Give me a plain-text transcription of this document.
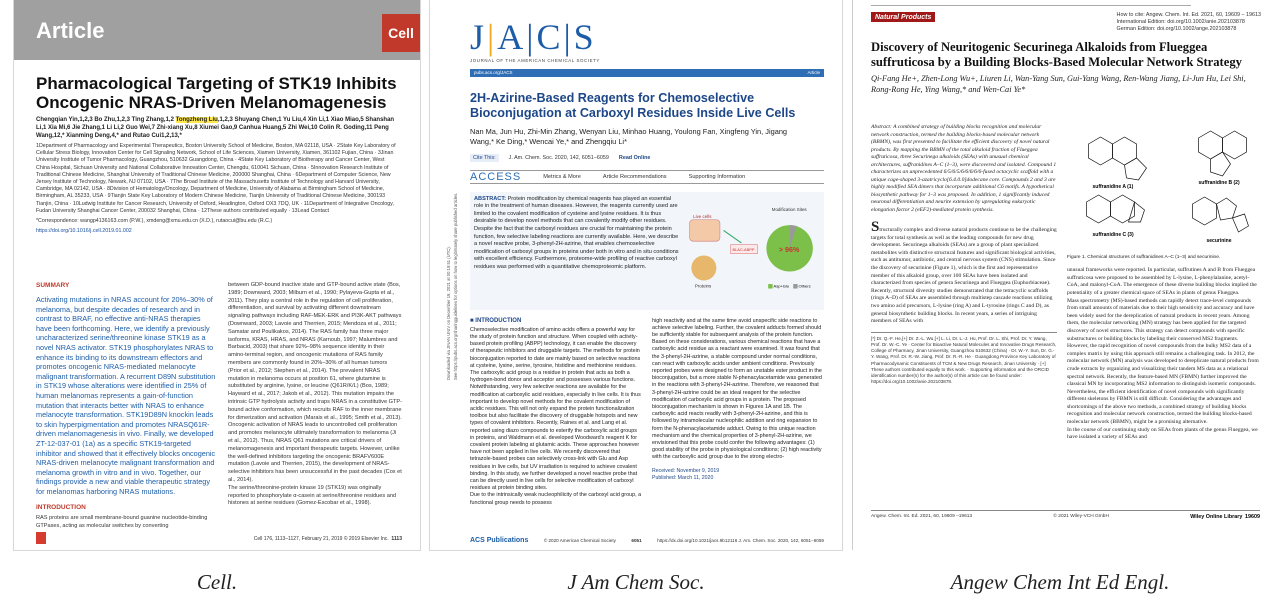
Article	Cell
Pharmacological Targeting of STK19 Inhibits Oncogenic NRAS-Driven Melanomagenesis
Chengqian Yin,1,2,3 Bo Zhu,1,2,3 Ting Zhang,1,2 Tongzheng Liu,1,2,3 Shuyang Chen,1 Yu Liu,4 Xin Li,1 Xiao Miao,5 Shanshan Li,1 Xia Mi,6 Jie Zhang,1 Li Li,2 Guo Wei,7 Zhi-xiang Xu,8 Xiumei Gao,9 Canhua Huang,5 Zhi Wei,10 Colin R. Goding,11 Peng Wang,12,* Xianming Deng,4,* and Rutao Cui1,2,13,*
1Department of Pharmacology and Experimental Therapeutics, Boston University School of Medicine, Boston, MA 02118, USA · 2State Key Laboratory of Cellular Stress Biology, Innovation Center for Cell Signaling Network, School of Life Sciences, Xiamen University, Xiamen, 361102 Fujian, China · 3Jinan University Institute of Tumor Pharmacology, Guangzhou, 510632 Guangdong, China · 4State Key Laboratory of Biotherapy and Cancer Center, West China Hospital, Sichuan University and National Collaborative Innovation Center, Chengdu, 610041 Sichuan, China · 5Innovation Research Institute of Traditional Chinese Medicine, Shanghai University of Traditional Chinese Medicine, 200000 Shanghai, China · 6Department of Computer Science, New Jersey Institute of Technology, Newark, NJ 07102, USA · 7The Broad Institute of the Massachusetts Institute of Technology and Harvard University, Cambridge, MA 02142, USA · 8Division of Hematology/Oncology, Department of Medicine, University of Alabama at Birmingham School of Medicine, Birmingham, AL 35233, USA · 9Tianjin State Key Laboratory of Modern Chinese Medicine, Tianjin University of Traditional Chinese Medicine, 300193 Tianjin, China · 10Ludwig Institute for Cancer Research, University of Oxford, Headington, Oxford OX3 7DQ, UK · 11Department of Integrative Oncology, Fudan University Shanghai Cancer Center, 200032 Shanghai, China · 12These authors contributed equally · 13Lead Contact
*Correspondence: wangp4136163.com (P.W.), xmdeng@xmu.edu.cn (X.D.), rutaocui@bu.edu (R.C.)
https://doi.org/10.1016/j.cell.2019.01.002
SUMMARY
Activating mutations in NRAS account for 20%–30% of melanoma, but despite decades of research and in contrast to BRAF, no effective anti-NRAS therapies have been forthcoming. Here, we identify a previously uncharacterized serine/threonine kinase STK19 as a novel NRAS activator. STK19 phosphorylates NRAS to enhance its binding to its downstream effectors and promotes oncogenic NRAS-mediated melanocyte malignant transformation. A recurrent D89N substitution in STK19 whose alterations were identified in 25% of human melanomas represents a gain-of-function mutation that interacts better with NRAS to enhance melanocyte transformation. STK19D89N knockin leads to skin hyperpigmentation and promotes NRASQ61R-driven melanomagenesis in vivo. Finally, we developed ZT-12-037-01 (1a) as a specific STK19-targeted inhibitor and showed that it effectively blocks oncogenic NRAS-driven melanocyte malignant transformation and melanoma growth in vitro and in vivo. Together, our findings provide a new and viable therapeutic strategy for melanomas harboring NRAS mutations.
INTRODUCTION
RAS proteins are small membrane-bound guanine nucleotide-binding GTPases, acting as molecular switches by converting
between GDP-bound inactive state and GTP-bound active state (Bos, 1989; Downward, 2003; Milburn et al., 1990; Pylayeva-Gupta et al., 2011). They play a central role in the regulation of cell proliferation, differentiation, and survival by activating different downstream signaling pathways including RAF-MEK-ERK and PI3K-AKT pathways (Downward, 2003; Lavoie and Therrien, 2015; Mendoza et al., 2011; Samatar and Poulikakos, 2014). The RAS family has three major isoforms, KRAS, HRAS, and NRAS (Karnoub, 1997; Malumbres and Barbacid, 2003) that share 92%–98% sequence identity in their amino-terminal region, and oncogenic mutations of RAS family members are commonly found in 20%–30% of all human tumors (Prior et al., 2012; Stephen et al., 2014). The prevalent NRAS mutation in melanoma occurs at position 61, where glutamine is substituted by arginine, lysine, or leucine (Q61R/K/L) (Bos, 1989; Hayward et al., 2017; Jakob et al., 2012). This mutation impairs the intrinsic GTP hydrolysis activity and traps NRAS in a constitutive GTP-bound active conformation, which recruits RAF to the inner membrane for dimerization and activation (Marais et al., 1995; Smith et al., 2013). Oncogenic activation of NRAS leads to uncontrolled cell proliferation and promotes melanocyte ultimately transformation to melanoma (Ji et al., 2012). Thus, NRAS Q61 mutations are critical drivers of melanomagenesis and important therapeutic targets. However, unlike the well-defined inhibitors targeting the oncogenic BRAFV600E mutation (Lavoie and Therrien, 2015), the development of NRAS-selective inhibitors has been unsuccessful in the past decades (Cox et al., 2014).
The serine/threonine-protein kinase 19 (STK19) was originally reported to phosphorylate α-casein at serine/threonine residues and histones at serine residues (Gomez-Escobar et al., 1998).
Cell 176, 1113–1127, February 21, 2019 © 2019 Elsevier Inc.
1113
Downloaded via JINAN UNIV on December 19, 2021 at 00:19:51 (UTC). See https://pubs.acs.org/sharingguidelines for options on how to legitimately share published articles.
J|A|C|S
JOURNAL OF THE AMERICAN CHEMICAL SOCIETY
pubs.acs.org/JACS	Article
2H-Azirine-Based Reagents for Chemoselective Bioconjugation at Carboxyl Residues Inside Live Cells
Nan Ma, Jun Hu, Zhi-Min Zhang, Wenyan Liu, Minhao Huang, Youlong Fan, Xingfeng Yin, Jigang Wang,* Ke Ding,* Wencai Ye,* and Zhengqiu Li*
Cite This:	J. Am. Chem. Soc. 2020, 142, 6051−6059 Read Online
ACCESS	Metrics & More	Article Recommendations	Supporting Information
ABSTRACT: Protein modification by chemical reagents has played an essential role in the treatment of human diseases. However, the reagents currently used are limited to the covalent modification of cysteine and lysine residues. It is thus desirable to develop novel methods that can covalently modify other residues. Despite the fact that the carboxyl residues are crucial for maintaining the protein function, few selective labeling reactions are currently available. Here, we describe a novel reactive probe, 3-phenyl-2H-azirine, that enables chemoselective modification of carboxyl groups in proteins under both in vitro and in situ conditions with excellent efficiency. Furthermore, proteome-wide profiling of reactive carboxyl residues was performed with a quantitative chemoproteomic platform.
Live cells
Proteins
BLAC-ABPP
Modification Sites
> 96%
Asp+Glu Others
■ INTRODUCTION
Chemoselective modification of amino acids offers a powerful way for the study of protein function and structure. When coupled with activity-based protein profiling (ABPP) technology, it can enable the discovery of therapeutic inhibitors and druggable targets. The methods for protein bioconjugation reported to date are mainly based on selective reactions at cysteine, lysine, serine, tyrosine, histidine and methionine residues. The carboxylic acid group is a residue in protein that acts as both a hydrogen-bond donor and acceptor and possesses various functions. Notwithstanding, very few selective reactions are available for the modification at carboxylic acid residues, especially in live cells. It is thus important to develop novel methods for the covalent modification of acidic residues. This will not only expand the protein functionalization toolbox but also facilitate the discovery of druggable hotspots and new types of covalent inhibitors. Recently, Raines et al. and Lang et al. reported using diazo compounds to esterify the carboxylic acid groups in proteins, and Waldmann et al. developed Woodward's reagent K for covalent protein labeling at glutamic acids. These approaches however have not been applied in live cells. We recently discovered that tetrazole-based probes can selectively cross-link with Glu and Asp residues in live cells, but UV irradiation is required to achieve covalent binding. In this study, we further developed a novel reactive probe that can be directly used in live cells for selective modification of carboxyl residues at protein binding sites.
Due to the intrinsically weak nucleophilicity of the carboxyl acid group, a functional group needs to possess
high reactivity and at the same time avoid unspecific side reactions to achieve selective labeling. Further, the covalent adducts formed should be sufficiently stable for subsequent analysis of the protein function. Based on these considerations, various chemical reactions that have a carboxylic acid residue as a reactant were examined. It was found that the 3-phenyl-2H-azirine, a stable compound under normal conditions, can react with carboxylic acids under ambient conditions. Previously reported probes were designed to form an unstable ester product in the bioconjugation, but a more stable N-phenacylacetamide was generated in the reactions with 3-phenyl-2H-azirine. Therefore, we reasoned that 3-phenyl-2H-azirine could be an ideal reagent for the selective modification of carboxylic acid groups in a protein. The proposed bioconjugation mechanism is shown in Figures 1A and 1B. The carboxylic acid reacts readily with 3-phenyl-2H-azirine, and this is followed by intramolecular nucleophilic addition and ring expansion to form the N-phenacylacetamide adduct. Owing to this unique reaction mechanism and the chemical properties of 3-phenyl-2H-azirine, we envisioned that this probe could confer the following advantages: (1) good stability of the probe in physiological conditions; (2) high reactivity with the carboxylic acid group due to the strong electro-
Received: November 9, 2019
Published: March 11, 2020
ACS Publications	© 2020 American Chemical Society	6051	https://dx.doi.org/10.1021/jacs.9b12116 J. Am. Chem. Soc. 2020, 142, 6051−6059
Natural Products	How to cite: Angew. Chem. Int. Ed. 2021, 60, 19609 – 19613
International Edition: doi.org/10.1002/anie.202103878
German Edition: doi.org/10.1002/ange.202103878
Discovery of Neuritogenic Securinega Alkaloids from Flueggea suffruticosa by a Building Blocks-Based Molecular Network Strategy
Qi-Fang He+, Zhen-Long Wu+, Liuren Li, Wan-Yang Sun, Gui-Yang Wang, Ren-Wang Jiang, Li-Jun Hu, Lei Shi, Rong-Rong He, Ying Wang,* and Wen-Cai Ye*
Abstract: A combined strategy of building blocks recognition and molecular network construction, termed the building blocks-based molecular network (BBMN), was first presented to facilitate the efficient discovery of novel natural products. By mapping the BBMN of the total alkaloid fraction of Flueggea suffruticosa, three Securinega alkaloids (SEAs) with unusual chemical architectures, suffranidines A–C (1–3), were discovered and isolated. Compound 1 characterizes an unprecedented 6/5/6/5/6/6/6/6/6-fused octacyclic scaffold with a unique cage-shaped 3-azatricyclo[6.4.0.0]dodecane core. Compounds 2 and 3 are highly modified SEA dimers that incorporate additional C6 motifs. A hypothetical biosynthetic pathway for 1–3 was proposed. In addition, 1 significantly induced neuronal differentiation and neurite extension by upregulating eukaryotic elongation factor 2 (eEF2)-mediated protein synthesis.
Structurally complex and diverse natural products continue to be the challenging targets for total synthesis as well as the leading compounds for new drug development. Securinega alkaloids (SEAs) are a group of plant specialized metabolites with distinctive structural features and significant biological activities, such as antitumor, antibiotic, and central nervous system (CNS) stimulation. Since the discovery of securinine (Figure 1), which is the first and representative member of this alkaloid group, over 100 SEAs have been isolated and characterized from species of genera Securinega and Flueggea (Euphorbiaceae). Recently, structural diversity studies demonstrated that the tetracyclic scaffolds (rings A–D) of SEAs are assembled through multistep cascade reactions utilizing two amino acid precursors, L-lysine (ring A) and L-tyrosine (rings C and D), as general biosynthetic building blocks. In recent years, a series of intriguing members of SEAs with
[*] Dr. Q.-F. He,[+] Dr. Z.-L. Wu,[+] L. Li, Dr. L.-J. Hu, Prof. Dr. L. Shi, Prof. Dr. Y. Wang, Prof. Dr. W.-C. Ye · Center for Bioactive Natural Molecules and Innovative Drugs Research, College of Pharmacy, Jinan University, Guangzhou 510632 (China) · Dr. W.-Y. Sun, Dr. G.-Y. Wang, Prof. Dr. R.-W. Jiang, Prof. Dr. R.-R. He · Guangdong Province Key Laboratory of Pharmacodynamic Constituents of TCM & New Drugs Research, Jinan University · [+] These authors contributed equally to this work. · Supporting information and the ORCID identification number(s) for the author(s) of this article can be found under: https://doi.org/10.1002/anie.202103878.
suffranidine A (1)
suffranidine B (2)
suffranidine C (3)
securinine
Figure 1. Chemical structures of suffranidines A–C (1–3) and securinine.
unusual frameworks were reported. In particular, suffrutines A and B from Flueggea suffruticosa were proposed to be assembled by L-lysine, L-phenylalanine, acetyl-CoA, and malonyl-CoA. The emergence of these diverse building blocks implied the potentiality of a greater chemical space of SEAs in plants of genus Flueggea.
Mass spectrometry (MS)-based methods can rapidly detect trace-level compounds from small amounts of materials due to their high sensitivity and accuracy and have been widely used for the dereplication of natural products in recent years. Among them, the molecular networking (MN) strategy has been applied for the targeted discovery of novel structures. This strategy can detect compounds with specific substructures or building blocks by labeling their conserved MS2 fragments. However, the rapid recognition of novel compounds from the bulky MS2 data of a complex matrix by using this approach still remains a challenging task. In 2012, the molecular network (MN) analysis was developed to dereplicate natural products from crude extracts by organizing and visualizing their tandem MS data as a relational spectral network. Recently, the feature-based MN (FBMN) further improved the classical MN by incorporating MS2 information to distinguish isomeric compounds. Nevertheless, the efficient identification of novel compounds with significantly different skeletons by FBMN is still difficult. Considering the advantages and shortcomings of the above two methods, a combined strategy of building blocks recognition and molecular network construction, termed the building blocks-based molecular network (BBMN), might be a promising alternative.
In the course of our continuing study on SEAs from plants of the genus Flueggea, we have isolated a variety of SEAs and
Angew. Chem. Int. Ed. 2021, 60, 19609 –19613	© 2021 Wiley-VCH GmbH	Wiley Online Library 19609
Cell.	J Am Chem Soc.	Angew Chem Int Ed Engl.
